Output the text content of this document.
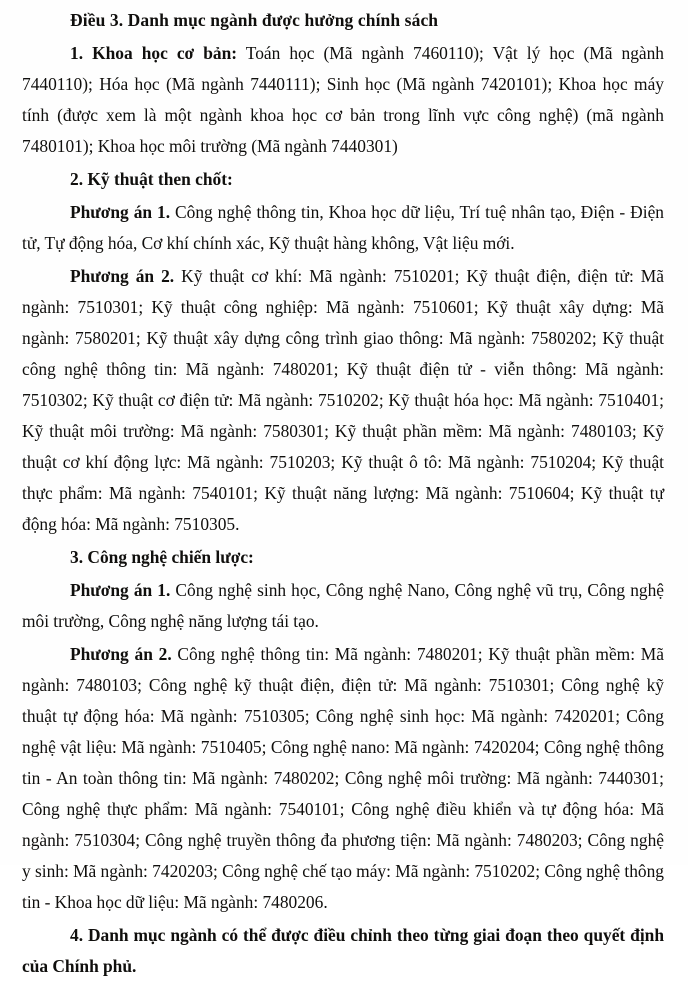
Điều 3. Danh mục ngành được hưởng chính sách

1. Khoa học cơ bản: Toán học (Mã ngành 7460110); Vật lý học (Mã ngành 7440110); Hóa học (Mã ngành 7440111); Sinh học (Mã ngành 7420101); Khoa học máy tính (được xem là một ngành khoa học cơ bản trong lĩnh vực công nghệ) (mã ngành 7480101); Khoa học môi trường (Mã ngành 7440301)

2. Kỹ thuật then chốt:

Phương án 1. Công nghệ thông tin, Khoa học dữ liệu, Trí tuệ nhân tạo, Điện - Điện tử, Tự động hóa, Cơ khí chính xác, Kỹ thuật hàng không, Vật liệu mới.

Phương án 2. Kỹ thuật cơ khí: Mã ngành: 7510201; Kỹ thuật điện, điện tử: Mã ngành: 7510301; Kỹ thuật công nghiệp: Mã ngành: 7510601; Kỹ thuật xây dựng: Mã ngành: 7580201; Kỹ thuật xây dựng công trình giao thông: Mã ngành: 7580202; Kỹ thuật công nghệ thông tin: Mã ngành: 7480201; Kỹ thuật điện tử - viễn thông: Mã ngành: 7510302; Kỹ thuật cơ điện tử: Mã ngành: 7510202; Kỹ thuật hóa học: Mã ngành: 7510401; Kỹ thuật môi trường: Mã ngành: 7580301; Kỹ thuật phần mềm: Mã ngành: 7480103; Kỹ thuật cơ khí động lực: Mã ngành: 7510203; Kỹ thuật ô tô: Mã ngành: 7510204; Kỹ thuật thực phẩm: Mã ngành: 7540101; Kỹ thuật năng lượng: Mã ngành: 7510604; Kỹ thuật tự động hóa: Mã ngành: 7510305.

3. Công nghệ chiến lược:

Phương án 1. Công nghệ sinh học, Công nghệ Nano, Công nghệ vũ trụ, Công nghệ môi trường, Công nghệ năng lượng tái tạo.

Phương án 2. Công nghệ thông tin: Mã ngành: 7480201; Kỹ thuật phần mềm: Mã ngành: 7480103; Công nghệ kỹ thuật điện, điện tử: Mã ngành: 7510301; Công nghệ kỹ thuật tự động hóa: Mã ngành: 7510305; Công nghệ sinh học: Mã ngành: 7420201; Công nghệ vật liệu: Mã ngành: 7510405; Công nghệ nano: Mã ngành: 7420204; Công nghệ thông tin - An toàn thông tin: Mã ngành: 7480202; Công nghệ môi trường: Mã ngành: 7440301; Công nghệ thực phẩm: Mã ngành: 7540101; Công nghệ điều khiển và tự động hóa: Mã ngành: 7510304; Công nghệ truyền thông đa phương tiện: Mã ngành: 7480203; Công nghệ y sinh: Mã ngành: 7420203; Công nghệ chế tạo máy: Mã ngành: 7510202; Công nghệ thông tin - Khoa học dữ liệu: Mã ngành: 7480206.

4. Danh mục ngành có thể được điều chỉnh theo từng giai đoạn theo quyết định của Chính phủ.
